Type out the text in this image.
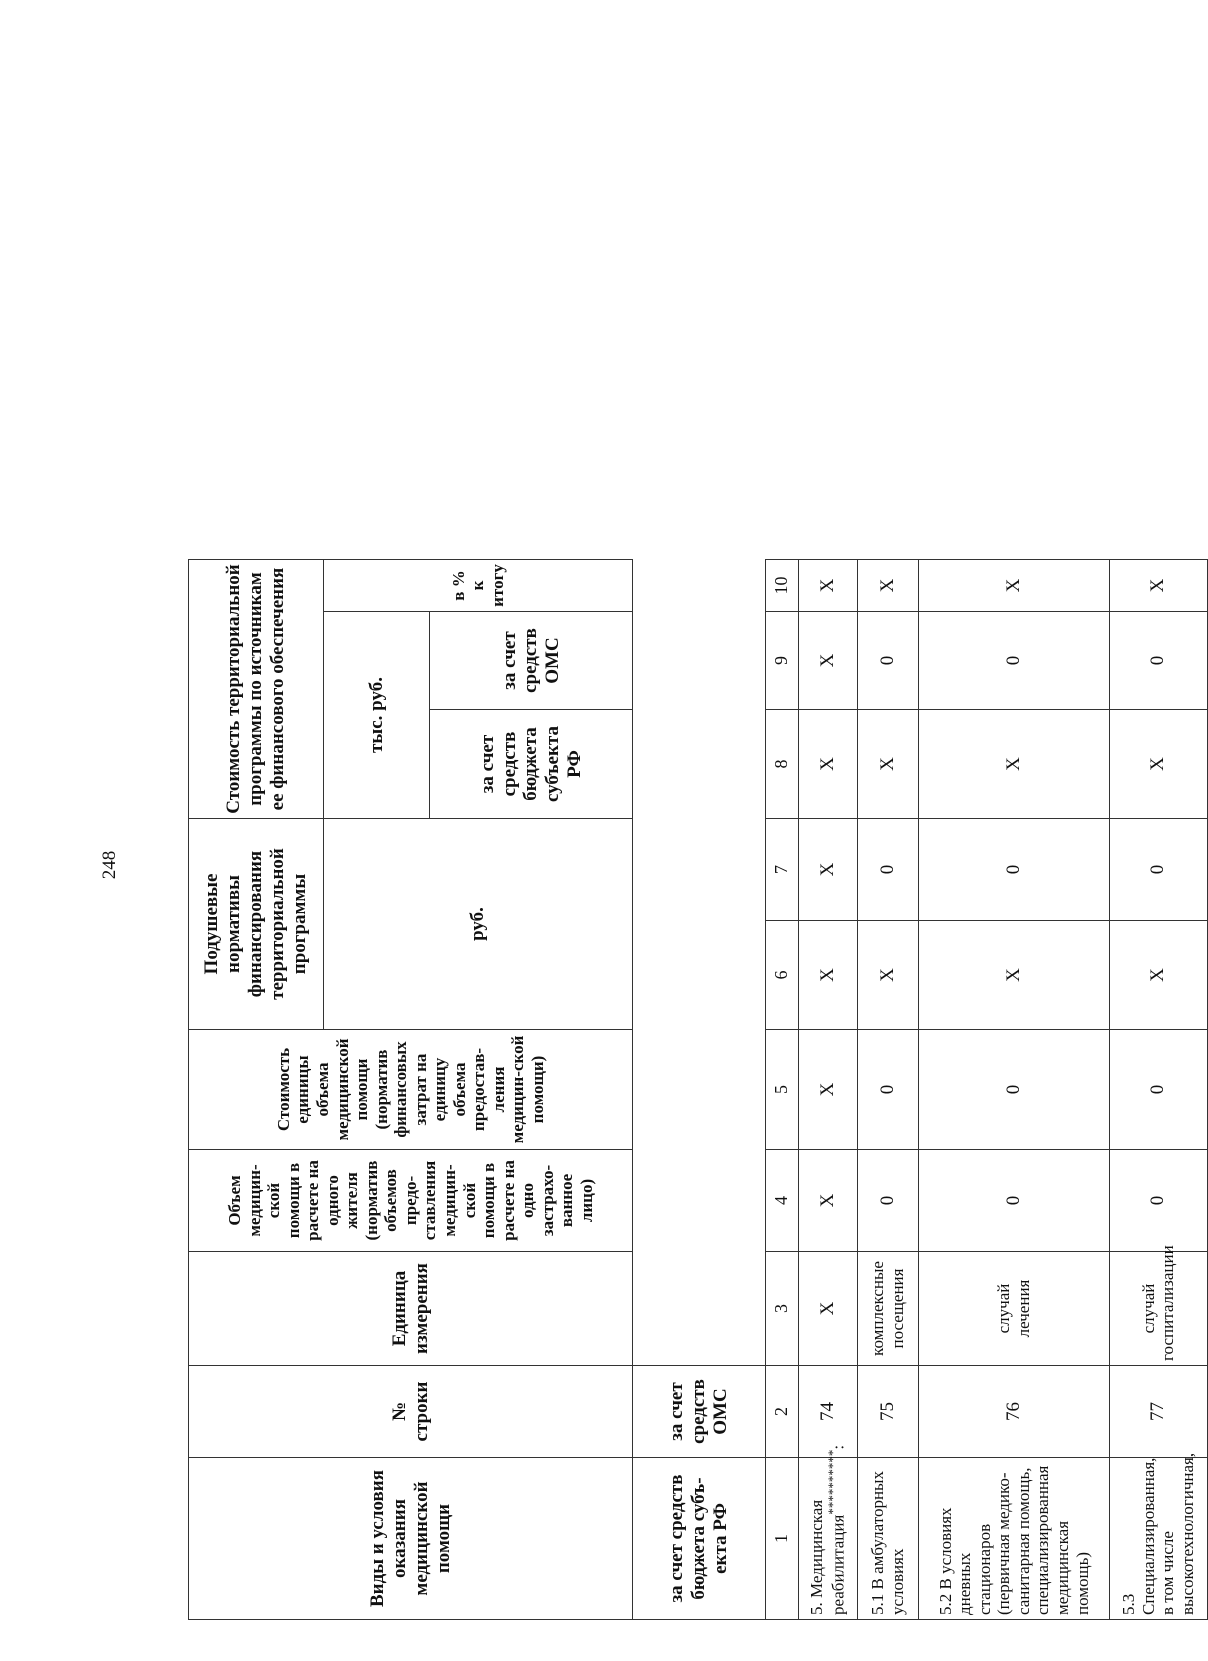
248
Виды и условия оказания медицинской помощи	№ строки	Единица измерения	Объем медицин-ской помощи в расчете на одного жителя (норматив объемов предо-ставления медицин-ской помощи в расчете на одно застрахо-ванное лицо)	Стоимость единицы объема медицинской помощи (норматив финансовых затрат на единицу объема предостав-ления медицин-ской помощи)	Подушевые нормативы финансирования территориальной программы		Стоимость территориальной программы по источникам ее финансового обеспечения			
					руб.		тыс. руб.		в % к итогу	
							за счет средств бюджета субъекта РФ	за счет средств ОМС		
за счет средств бюджета субъ-екта РФ	за счет средств ОМС									
1	2	3	4	5	6	7	8	9	10	
5. Медицинская реабилитация**********:	74	X	X	X	X	X	X	X	X	
5.1 В амбулаторных условиях	75	комплексные посещения	0	0	X	0	X	0	X	
5.2 В условиях дневных стационаров (первичная медико-санитарная помощь, специализированная медицинская помощь)	76	случай лечения	0	0	X	0	X	0	X	
5.3 Специализированная, в том числе высокотехнологичная,	77	случай госпитализации	0	0	X	0	X	0	X	
